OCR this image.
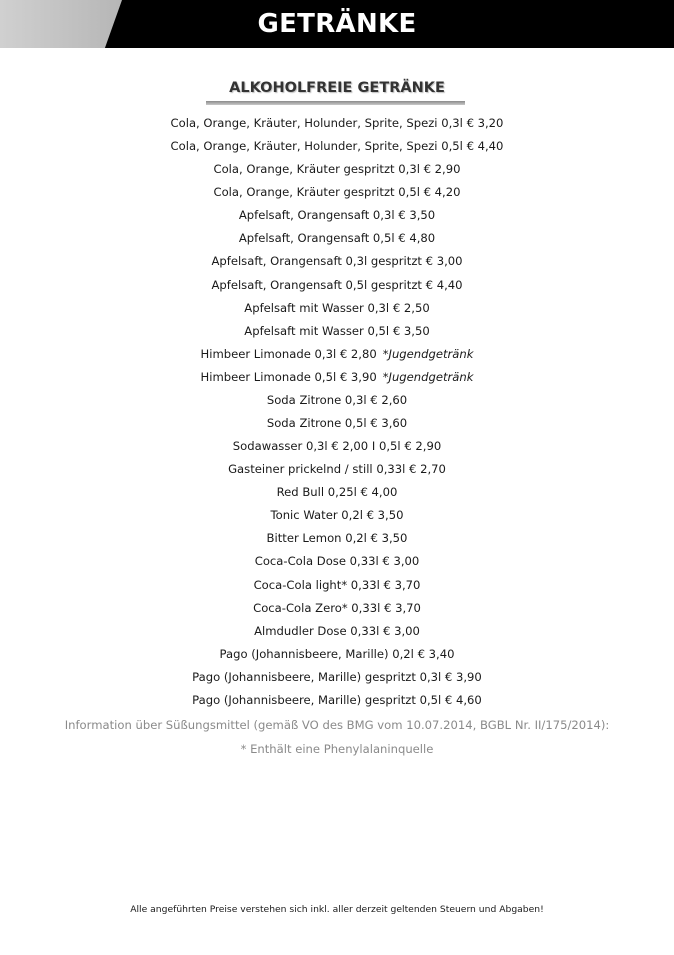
GETRÄNKE
ALKOHOLFREIE GETRÄNKE
Cola, Orange, Kräuter, Holunder, Sprite, Spezi 0,3l € 3,20
Cola, Orange, Kräuter, Holunder, Sprite, Spezi 0,5l € 4,40
Cola, Orange, Kräuter gespritzt 0,3l € 2,90
Cola, Orange, Kräuter gespritzt 0,5l € 4,20
Apfelsaft, Orangensaft 0,3l € 3,50
Apfelsaft, Orangensaft 0,5l € 4,80
Apfelsaft, Orangensaft 0,3l gespritzt € 3,00
Apfelsaft, Orangensaft 0,5l gespritzt € 4,40
Apfelsaft mit Wasser 0,3l € 2,50
Apfelsaft mit Wasser 0,5l € 3,50
Himbeer Limonade 0,3l € 2,80 *Jugendgetränk
Himbeer Limonade 0,5l € 3,90 *Jugendgetränk
Soda Zitrone 0,3l € 2,60
Soda Zitrone 0,5l € 3,60
Sodawasser 0,3l € 2,00 I 0,5l € 2,90
Gasteiner prickelnd / still 0,33l € 2,70
Red Bull 0,25l € 4,00
Tonic Water 0,2l € 3,50
Bitter Lemon 0,2l € 3,50
Coca-Cola Dose 0,33l € 3,00
Coca-Cola light* 0,33l € 3,70
Coca-Cola Zero* 0,33l € 3,70
Almdudler Dose 0,33l € 3,00
Pago (Johannisbeere, Marille) 0,2l € 3,40
Pago (Johannisbeere, Marille) gespritzt 0,3l € 3,90
Pago (Johannisbeere, Marille) gespritzt 0,5l € 4,60
Information über Süßungsmittel (gemäß VO des BMG vom 10.07.2014, BGBL Nr. II/175/2014):
* Enthält eine Phenylalaninquelle
Alle angeführten Preise verstehen sich inkl. aller derzeit geltenden Steuern und Abgaben!
